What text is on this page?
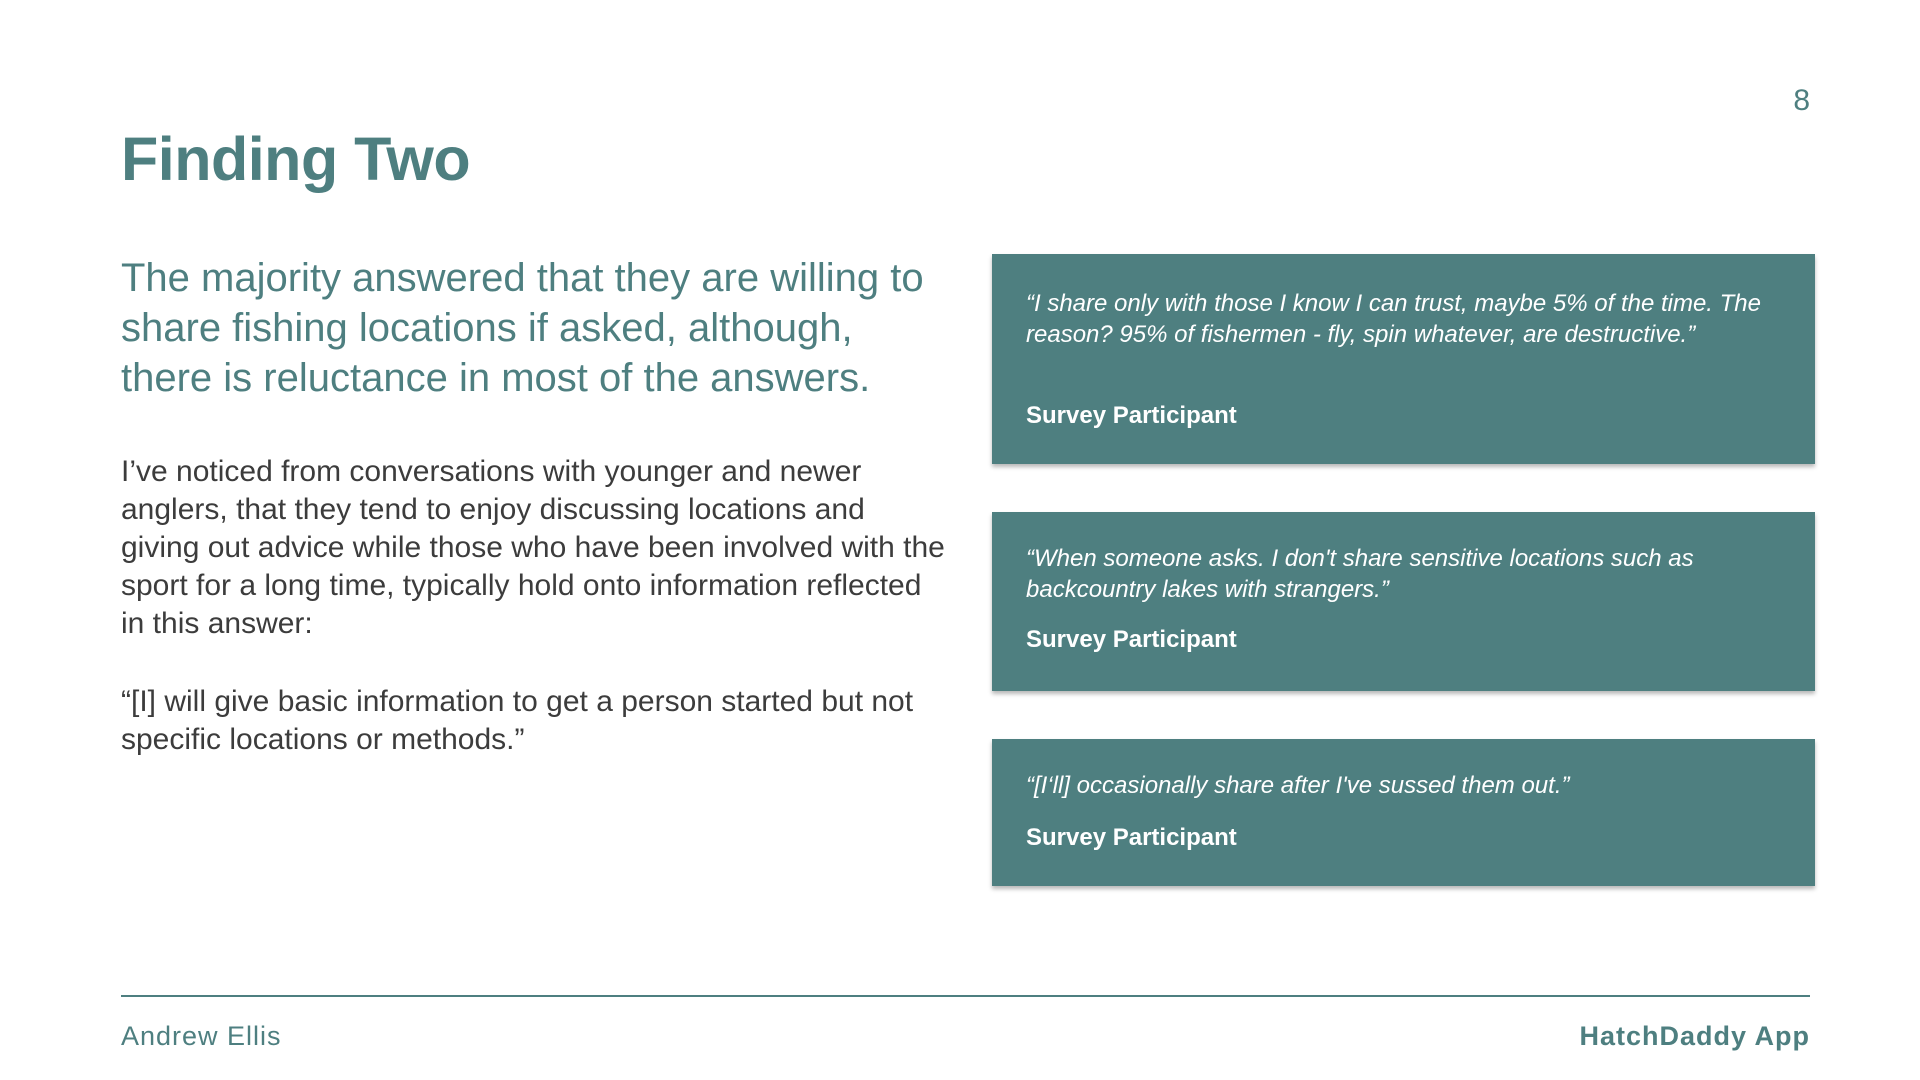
8
Finding Two

The majority answered that they are willing to share fishing locations if asked, although, there is reluctance in most of the answers.

I’ve noticed from conversations with younger and newer anglers, that they tend to enjoy discussing locations and giving out advice while those who have been involved with the sport for a long time, typically hold onto information reflected in this answer:

“[I] will give basic information to get a person started but not specific locations or methods.”

“I share only with those I know I can trust, maybe 5% of the time. The reason? 95% of fishermen - fly, spin whatever, are destructive.”

Survey Participant

“When someone asks. I don't share sensitive locations such as backcountry lakes with strangers.”

Survey Participant

“[I‘ll] occasionally share after I've sussed them out.”

Survey Participant

Andrew Ellis	HatchDaddy App
